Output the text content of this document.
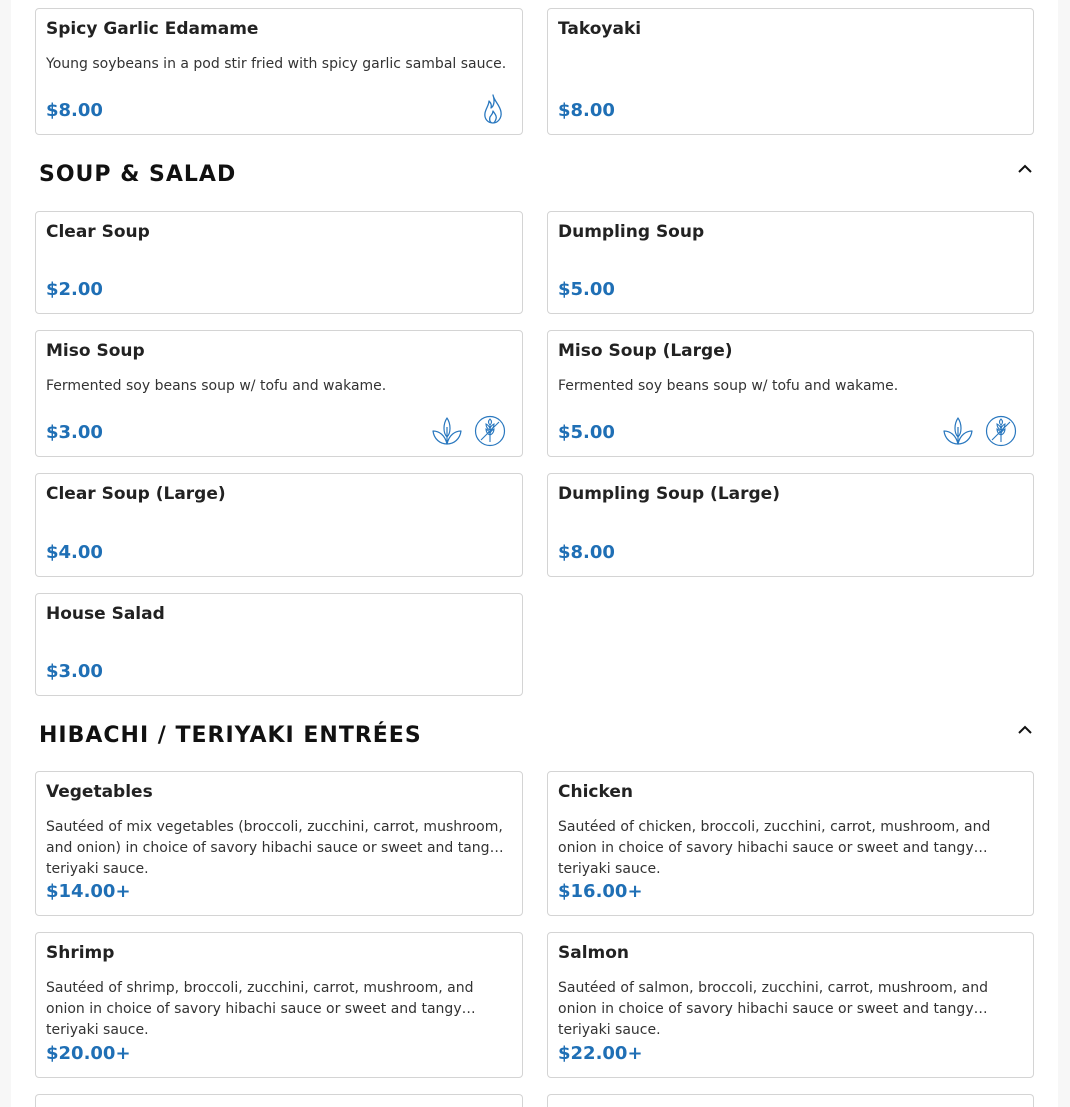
Spicy Garlic Edamame
Young soybeans in a pod stir fried with spicy garlic sambal sauce.
$8.00
Takoyaki
$8.00
SOUP & SALAD
Clear Soup
$2.00
Dumpling Soup
$5.00
Miso Soup
Fermented soy beans soup w/ tofu and wakame.
$3.00
Miso Soup (Large)
Fermented soy beans soup w/ tofu and wakame.
$5.00
Clear Soup (Large)
$4.00
Dumpling Soup (Large)
$8.00
House Salad
$3.00
HIBACHI / TERIYAKI ENTRÉES
Vegetables
Sautéed of mix vegetables (broccoli, zucchini, carrot, mushroom, and onion) in choice of savory hibachi sauce or sweet and tangy teriyaki sauce.
$14.00+
Chicken
Sautéed of chicken, broccoli, zucchini, carrot, mushroom, and onion in choice of savory hibachi sauce or sweet and tangy teriyaki sauce.
$16.00+
Shrimp
Sautéed of shrimp, broccoli, zucchini, carrot, mushroom, and onion in choice of savory hibachi sauce or sweet and tangy teriyaki sauce.
$20.00+
Salmon
Sautéed of salmon, broccoli, zucchini, carrot, mushroom, and onion in choice of savory hibachi sauce or sweet and tangy teriyaki sauce.
$22.00+
